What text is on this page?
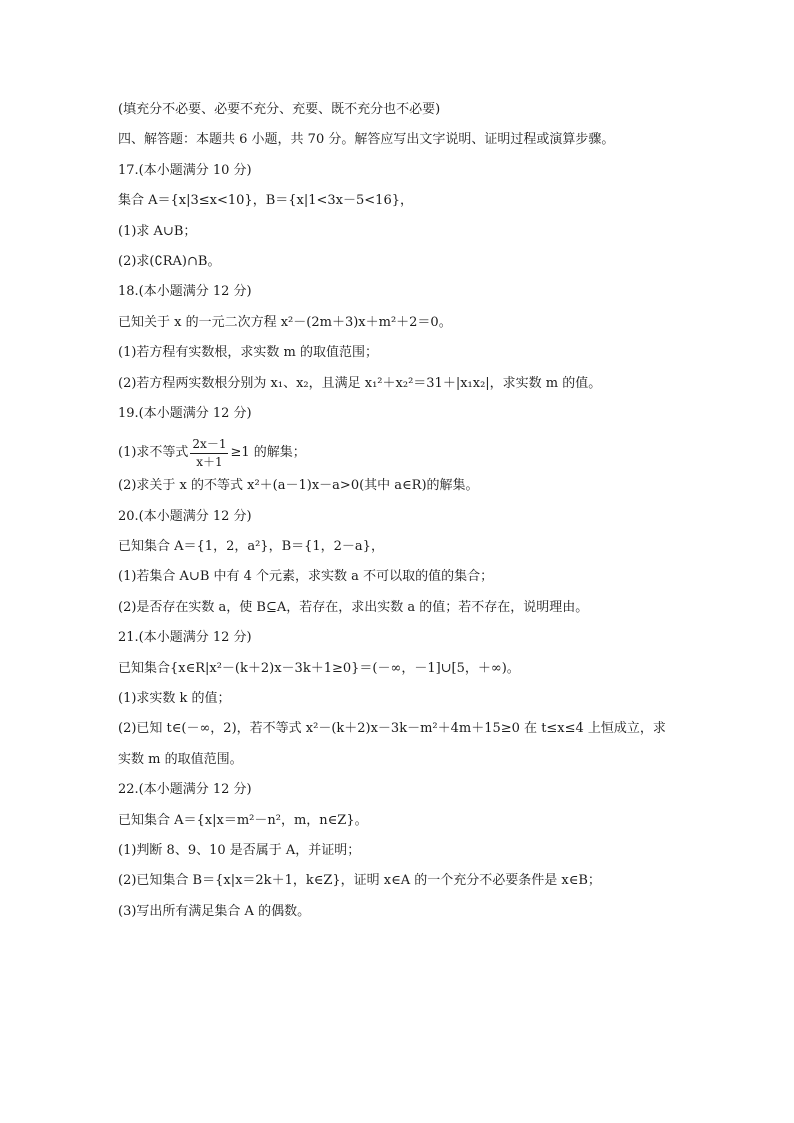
(填充分不必要、必要不充分、充要、既不充分也不必要)
四、解答题：本题共 6 小题，共 70 分。解答应写出文字说明、证明过程或演算步骤。
17.(本小题满分 10 分)
集合 A＝{x|3≤x<10}，B＝{x|1<3x－5<16}，
(1)求 A∪B；
(2)求(∁RA)∩B。
18.(本小题满分 12 分)
已知关于 x 的一元二次方程 x²－(2m＋3)x＋m²＋2＝0。
(1)若方程有实数根，求实数 m 的取值范围；
(2)若方程两实数根分别为 x₁、x₂，且满足 x₁²＋x₂²＝31＋|x₁x₂|，求实数 m 的值。
19.(本小题满分 12 分)
(1)求不等式 $\frac{2x-1}{x+1} \ge 1$ 的解集；
(2)求关于 x 的不等式 x²＋(a－1)x－a>0(其中 a∈R)的解集。
20.(本小题满分 12 分)
已知集合 A＝{1，2，a²}，B＝{1，2－a}，
(1)若集合 A∪B 中有 4 个元素，求实数 a 不可以取的值的集合；
(2)是否存在实数 a，使 B⊆A，若存在，求出实数 a 的值；若不存在，说明理由。
21.(本小题满分 12 分)
已知集合{x∈R|x²－(k＋2)x－3k＋1≥0}＝(－∞，－1]∪[5，＋∞)。
(1)求实数 k 的值；
(2)已知 t∈(－∞，2)，若不等式 x²－(k＋2)x－3k－m²＋4m＋15≥0 在 t≤x≤4 上恒成立，求
实数 m 的取值范围。
22.(本小题满分 12 分)
已知集合 A＝{x|x＝m²－n²，m，n∈Z}。
(1)判断 8、9、10 是否属于 A，并证明；
(2)已知集合 B＝{x|x＝2k＋1，k∈Z}，证明 x∈A 的一个充分不必要条件是 x∈B；
(3)写出所有满足集合 A 的偶数。
